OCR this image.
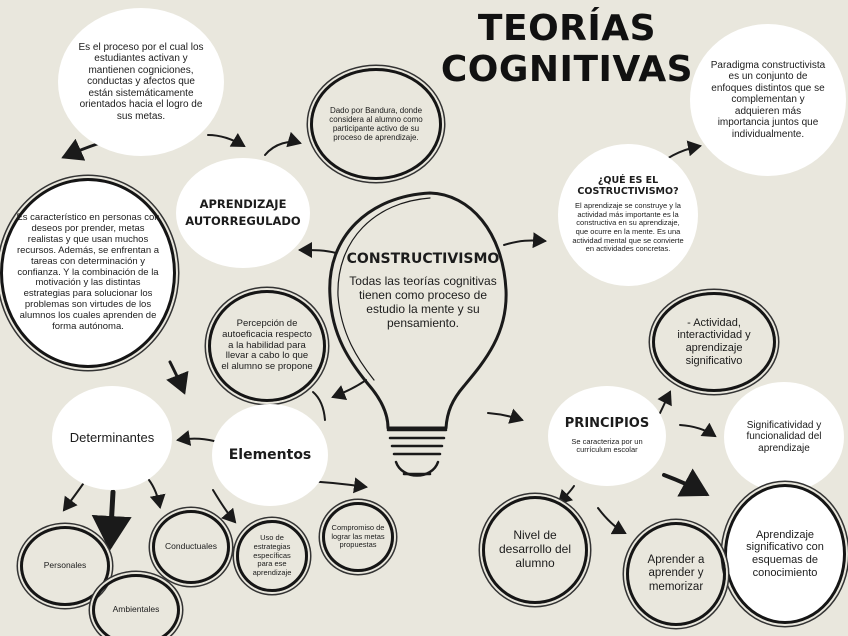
TEORÍAS
COGNITIVAS
CONSTRUCTIVISMO
Todas las teorías cognitivas tienen como proceso de estudio la mente y su pensamiento.
Es el proceso por el cual los estudiantes activan y mantienen cogniciones, conductas y afectos que están sistemáticamente orientados hacia el logro de sus metas.
Dado por Bandura, donde considera al alumno como participante activo de su proceso de aprendizaje.
APRENDIZAJE AUTORREGULADO
Es característico en personas con deseos por prender, metas realistas y que usan muchos recursos. Además, se enfrentan a tareas con determinación y confianza. Y la combinación de la motivación y las distintas estrategias para solucionar los problemas son virtudes de los alumnos los cuales aprenden de forma autónoma.	Percepción de autoeficacia respecto a la habilidad para llevar a cabo lo que el alumno se propone
Elementos
Determinantes
Personales
Ambientales
Conductuales
Uso de estrategias específicas para ese aprendizaje
Compromiso de lograr las metas propuestas
Paradigma constructivista es un conjunto de enfoques distintos que se complementan y adquieren más importancia juntos que individualmente.
¿QUÉ ES EL COSTRUCTIVISMO?
El aprendizaje se construye y la actividad más importante es la constructiva en su aprendizaje, que ocurre en la mente. Es una actividad mental que se convierte en actividades concretas.
PRINCIPIOS
Se caracteriza por un currículum escolar
- Actividad, interactividad y aprendizaje significativo
Significatividad y funcionalidad del aprendizaje
Aprendizaje significativo con esquemas de conocimiento
Aprender a aprender y memorizar
Nivel de desarrollo del alumno
